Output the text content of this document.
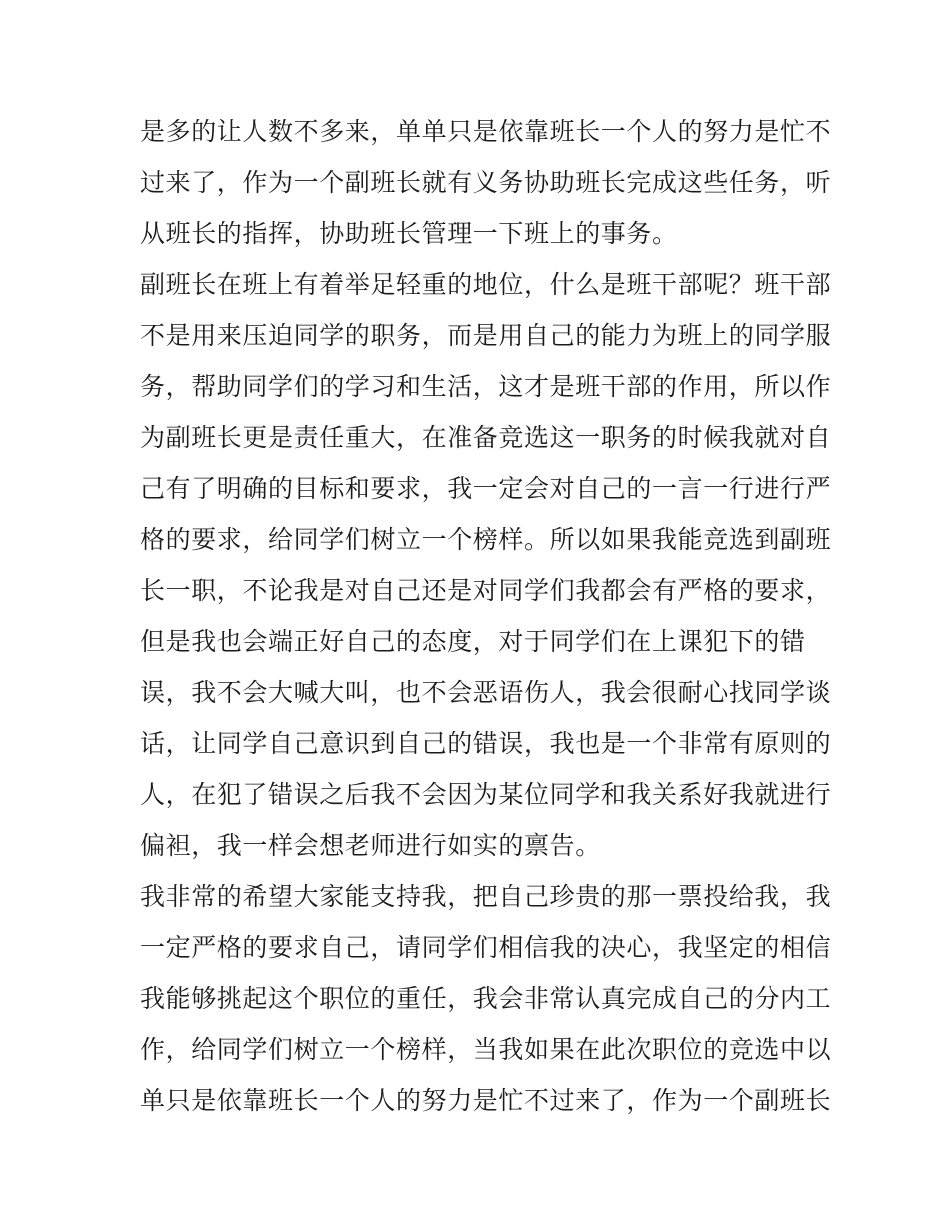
是多的让人数不多来，单单只是依靠班长一个人的努力是忙不
过来了，作为一个副班长就有义务协助班长完成这些任务，听
从班长的指挥，协助班长管理一下班上的事务。
副班长在班上有着举足轻重的地位，什么是班干部呢？班干部
不是用来压迫同学的职务，而是用自己的能力为班上的同学服
务，帮助同学们的学习和生活，这才是班干部的作用，所以作
为副班长更是责任重大，在准备竞选这一职务的时候我就对自
己有了明确的目标和要求，我一定会对自己的一言一行进行严
格的要求，给同学们树立一个榜样。所以如果我能竞选到副班
长一职，不论我是对自己还是对同学们我都会有严格的要求，
但是我也会端正好自己的态度，对于同学们在上课犯下的错
误，我不会大喊大叫，也不会恶语伤人，我会很耐心找同学谈
话，让同学自己意识到自己的错误，我也是一个非常有原则的
人，在犯了错误之后我不会因为某位同学和我关系好我就进行
偏袒，我一样会想老师进行如实的禀告。
我非常的希望大家能支持我，把自己珍贵的那一票投给我，我
一定严格的要求自己，请同学们相信我的决心，我坚定的相信
我能够挑起这个职位的重任，我会非常认真完成自己的分内工
作，给同学们树立一个榜样，当我如果在此次职位的竞选中以
单只是依靠班长一个人的努力是忙不过来了，作为一个副班长
